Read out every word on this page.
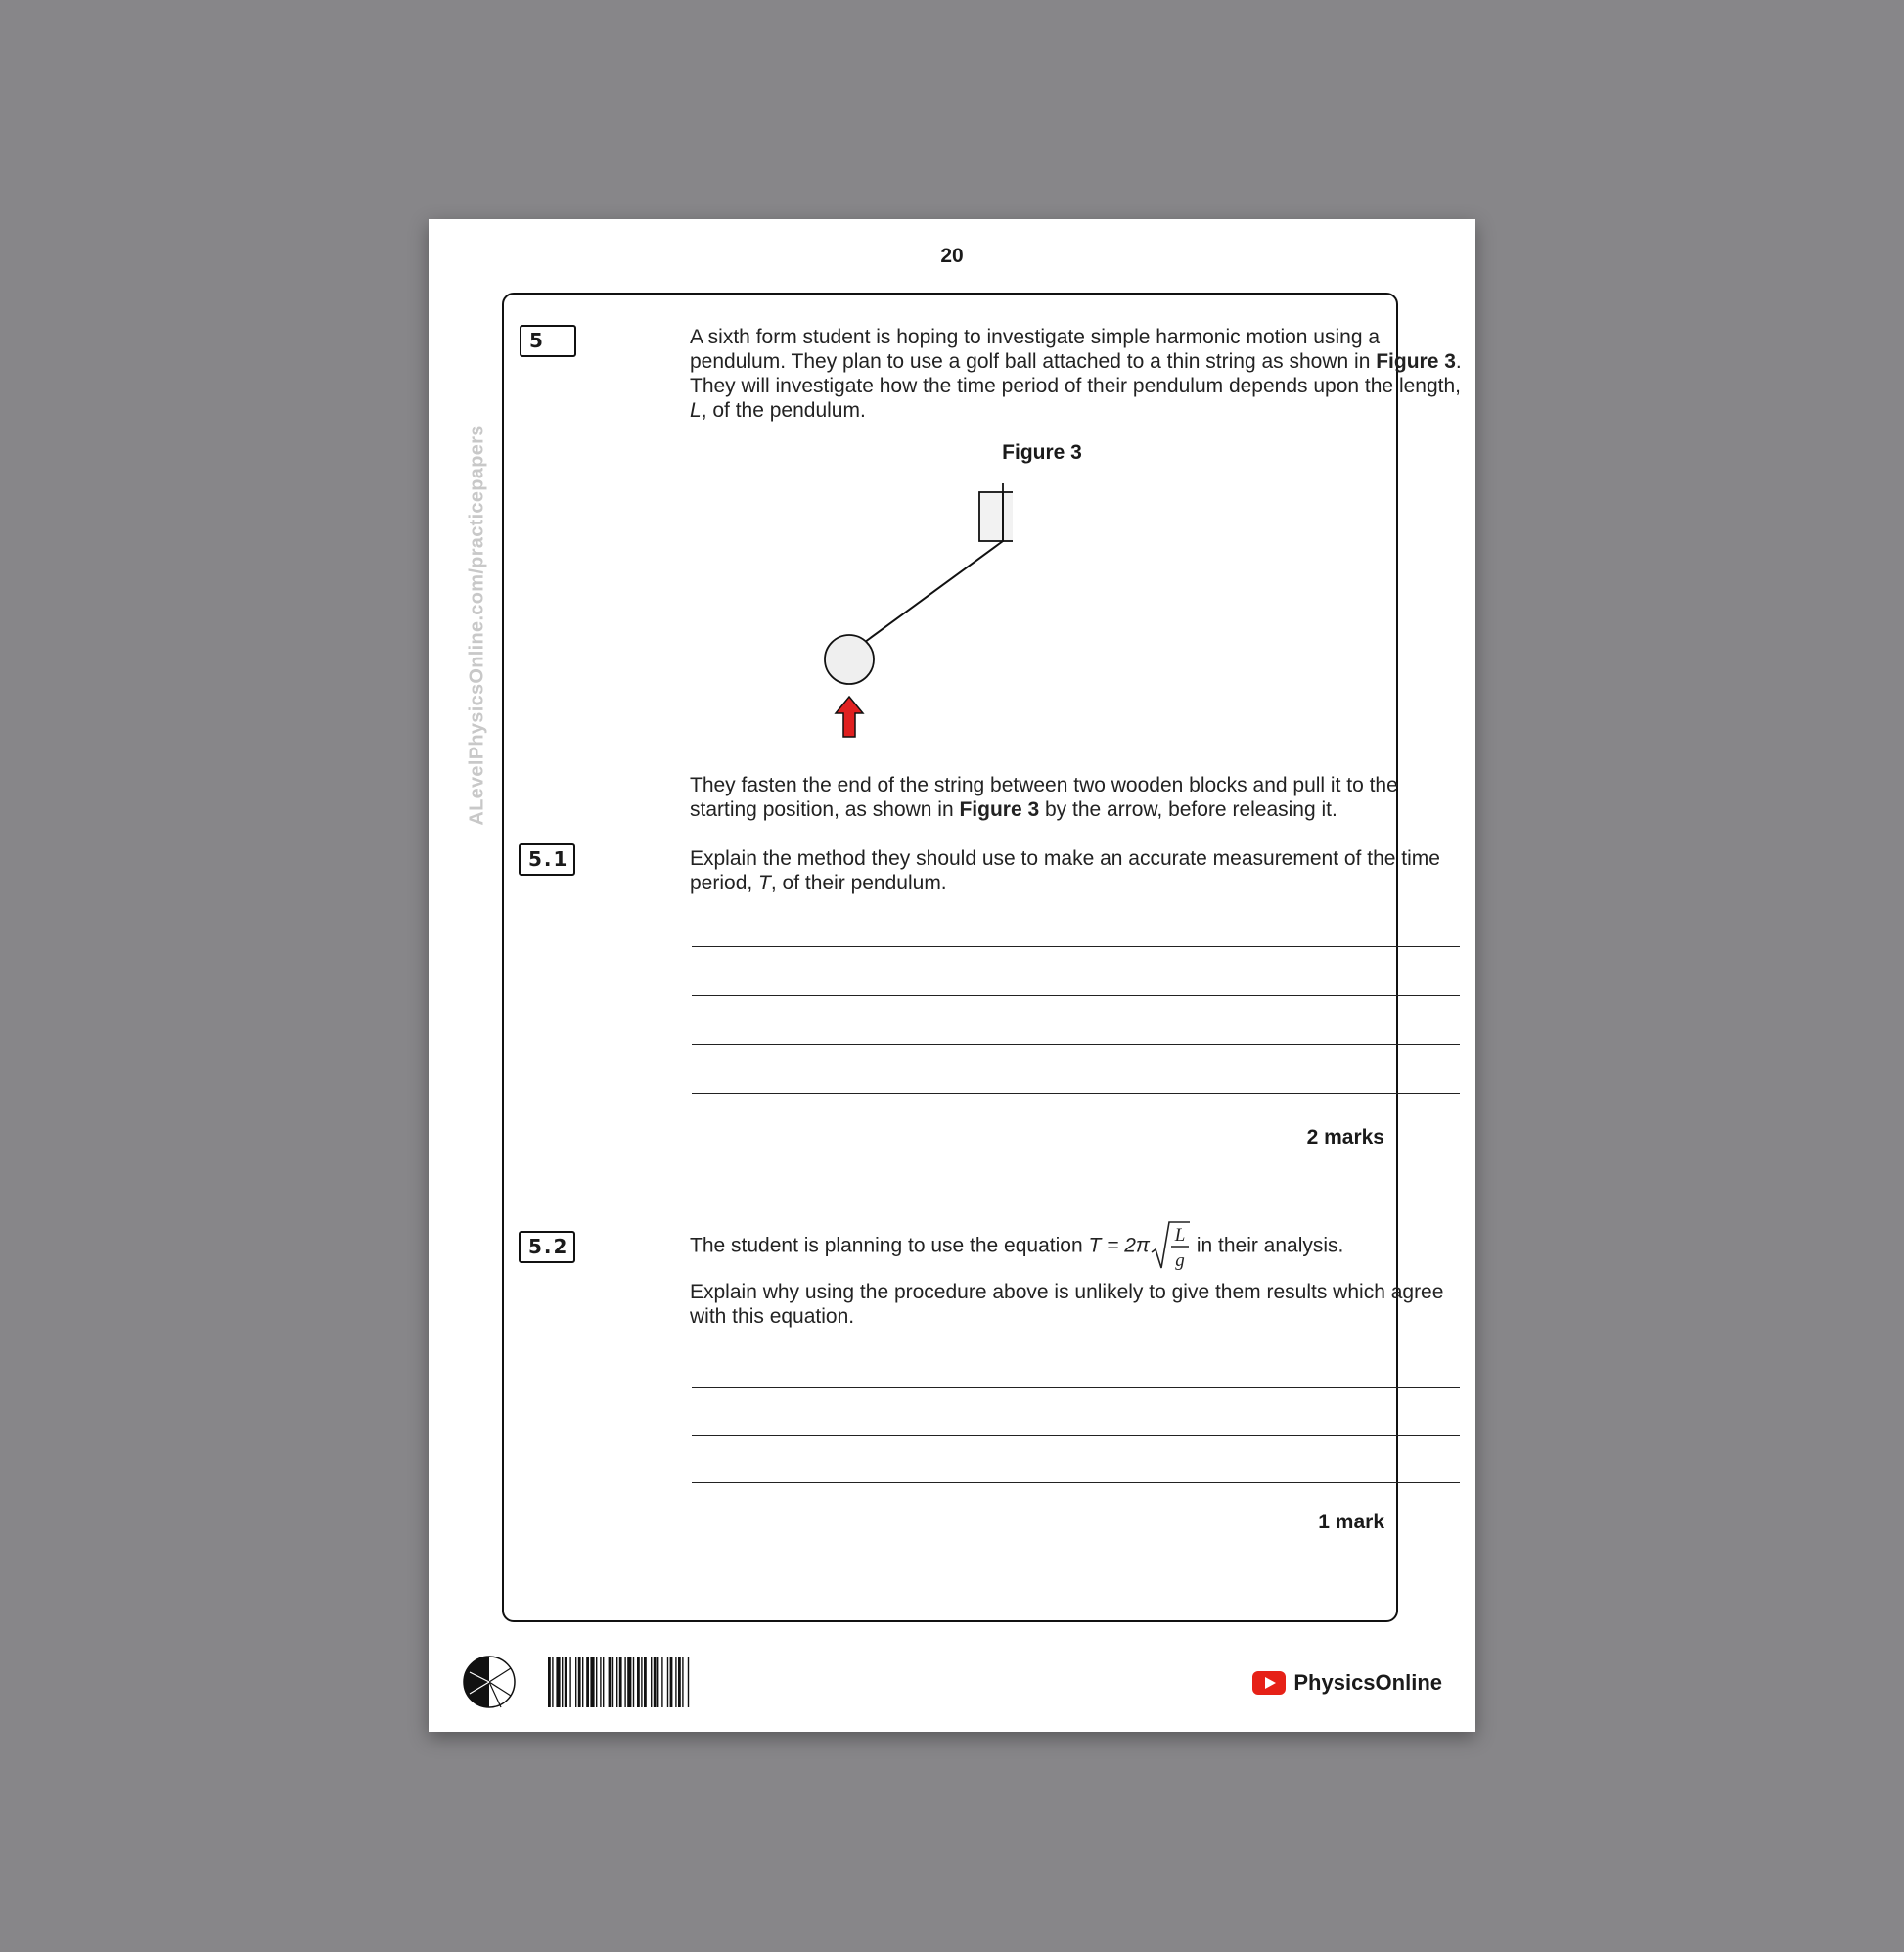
20
ALevelPhysicsOnline.com/practicepapers
5	A sixth form student is hoping to investigate simple harmonic motion using a pendulum. They plan to use a golf ball attached to a thin string as shown in Figure 3. They will investigate how the time period of their pendulum depends upon the length, L, of the pendulum.
Figure 3
They fasten the end of the string between two wooden blocks and pull it to the starting position, as shown in Figure 3 by the arrow, before releasing it.
5.1	Explain the method they should use to make an accurate measurement of the time period, T, of their pendulum.
2 marks
5.2	The student is planning to use the equation T = 2π L
g
in their analysis.
Explain why using the procedure above is unlikely to give them results which agree with this equation.
1 mark
PhysicsOnline
